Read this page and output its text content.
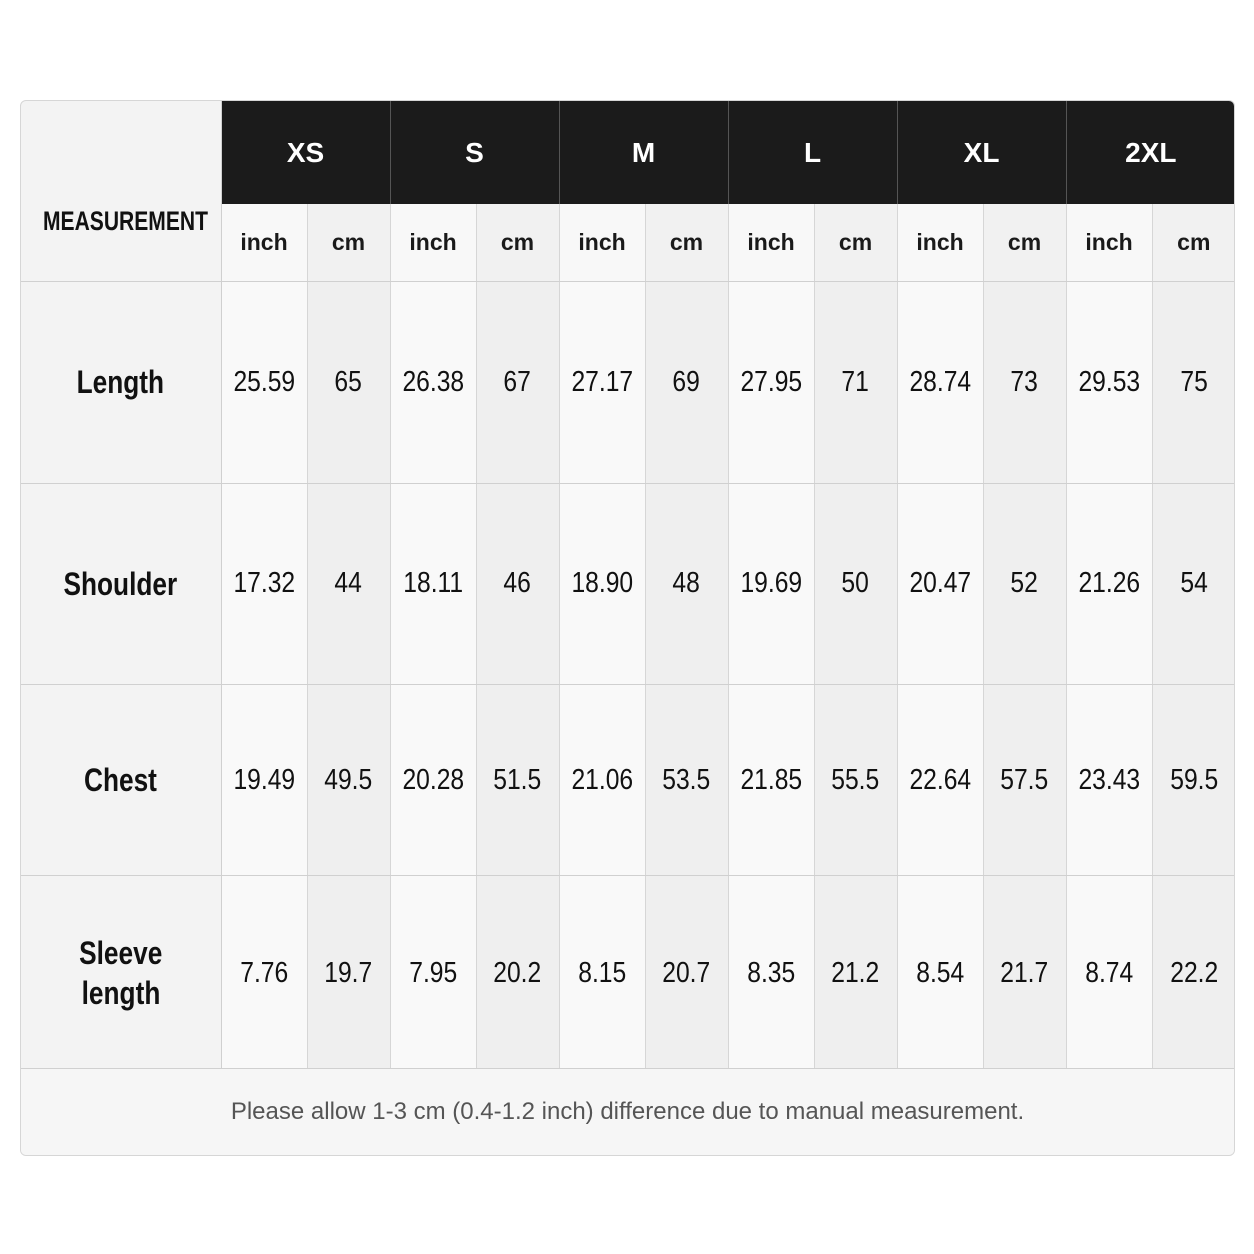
MEASUREMENT	XS		S		M		L		XL		2XL	
	inch	cm	inch	cm	inch	cm	inch	cm	inch	cm	inch	cm
Length	25.59	65	26.38	67	27.17	69	27.95	71	28.74	73	29.53	75
Shoulder	17.32	44	18.11	46	18.90	48	19.69	50	20.47	52	21.26	54
Chest	19.49	49.5	20.28	51.5	21.06	53.5	21.85	55.5	22.64	57.5	23.43	59.5
Sleeve
length	7.76	19.7	7.95	20.2	8.15	20.7	8.35	21.2	8.54	21.7	8.74	22.2
Please allow 1-3 cm (0.4-1.2 inch) difference due to manual measurement.
